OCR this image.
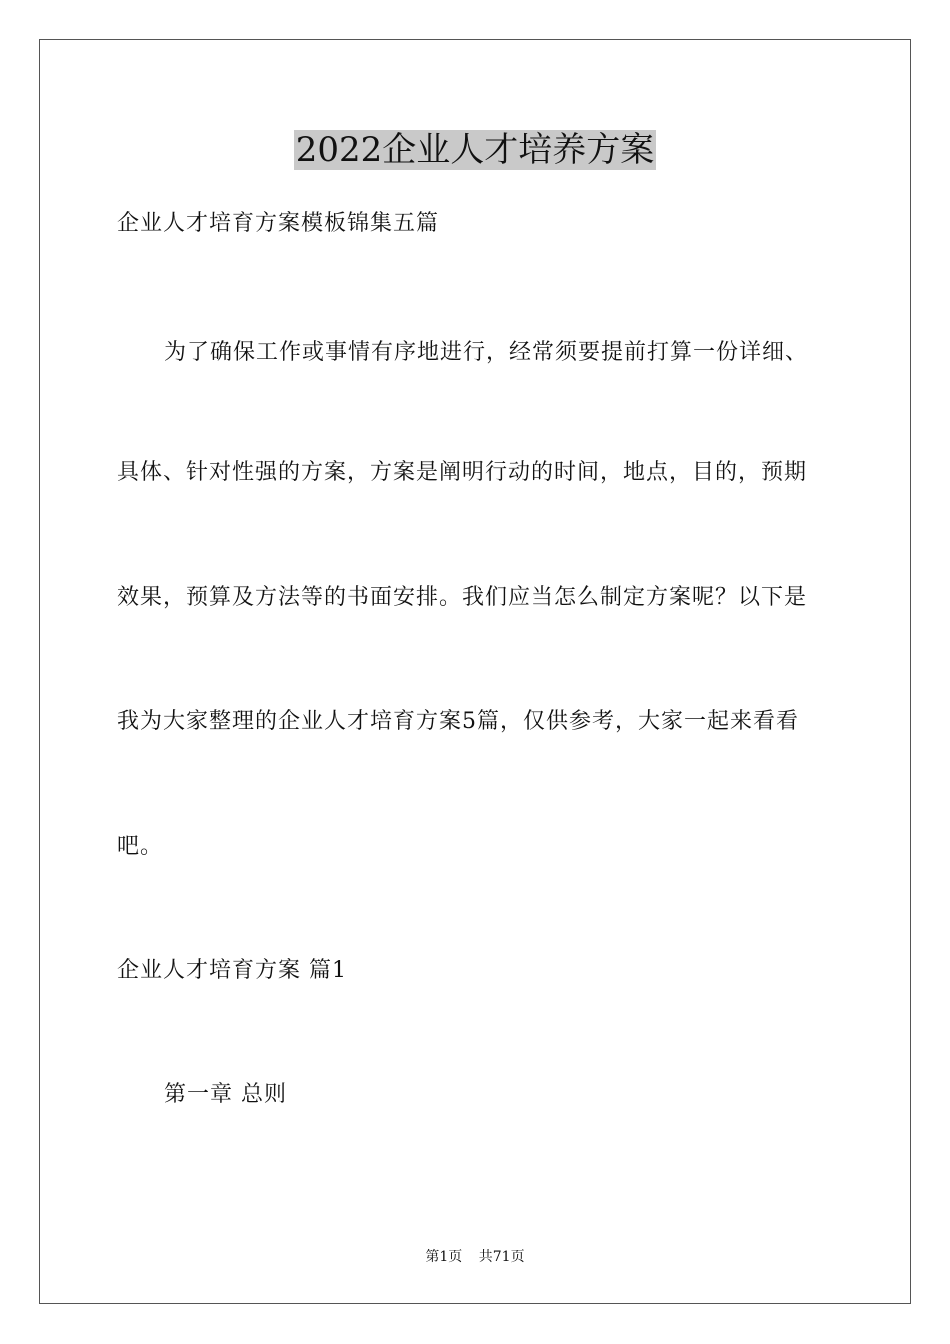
2022企业人才培养方案

企业人才培育方案模板锦集五篇

为了确保工作或事情有序地进行，经常须要提前打算一份详细、

具体、针对性强的方案，方案是阐明行动的时间，地点，目的，预期

效果，预算及方法等的书面安排。我们应当怎么制定方案呢？以下是

我为大家整理的企业人才培育方案5篇，仅供参考，大家一起来看看

吧。

企业人才培育方案 篇1

第一章 总则

第1页 共71页
